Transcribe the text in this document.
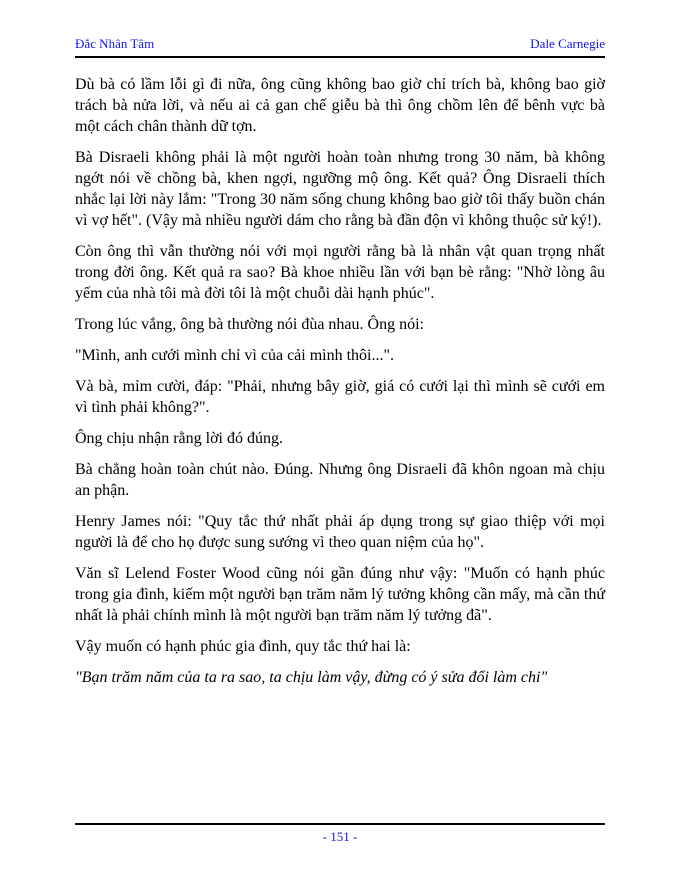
Đắc Nhân Tâm	Dale Carnegie

Dù bà có lầm lỗi gì đi nữa, ông cũng không bao giờ chỉ trích bà, không bao giờ trách bà nửa lời, và nếu ai cả gan chế giễu bà thì ông chồm lên để bênh vực bà một cách chân thành dữ tợn.

Bà Disraeli không phải là một người hoàn toàn nhưng trong 30 năm, bà không ngớt nói về chồng bà, khen ngợi, ngưỡng mộ ông. Kết quả? Ông Disraeli thích nhắc lại lời này lắm: "Trong 30 năm sống chung không bao giờ tôi thấy buồn chán vì vợ hết". (Vậy mà nhiều người dám cho rằng bà đần độn vì không thuộc sử ký!).

Còn ông thì vẫn thường nói với mọi người rằng bà là nhân vật quan trọng nhất trong đời ông. Kết quả ra sao? Bà khoe nhiều lần với bạn bè rằng: "Nhờ lòng âu yếm của nhà tôi mà đời tôi là một chuỗi dài hạnh phúc".

Trong lúc vắng, ông bà thường nói đùa nhau. Ông nói:

"Mình, anh cưới mình chỉ vì của cải mình thôi...".

Và bà, mỉm cười, đáp: "Phải, nhưng bây giờ, giá có cưới lại thì mình sẽ cưới em vì tình phải không?".

Ông chịu nhận rằng lời đó đúng.

Bà chẳng hoàn toàn chút nào. Đúng. Nhưng ông Disraeli đã khôn ngoan mà chịu an phận.

Henry James nói: "Quy tắc thứ nhất phải áp dụng trong sự giao thiệp với mọi người là để cho họ được sung sướng vì theo quan niệm của họ".

Văn sĩ Lelend Foster Wood cũng nói gần đúng như vậy: "Muốn có hạnh phúc trong gia đình, kiếm một người bạn trăm năm lý tưởng không cần mấy, mà cần thứ nhất là phải chính mình là một người bạn trăm năm lý tưởng đã".

Vậy muốn có hạnh phúc gia đình, quy tắc thứ hai là:

"Bạn trăm năm của ta ra sao, ta chịu làm vậy, đừng có ý sửa đổi làm chi"

- 151 -
